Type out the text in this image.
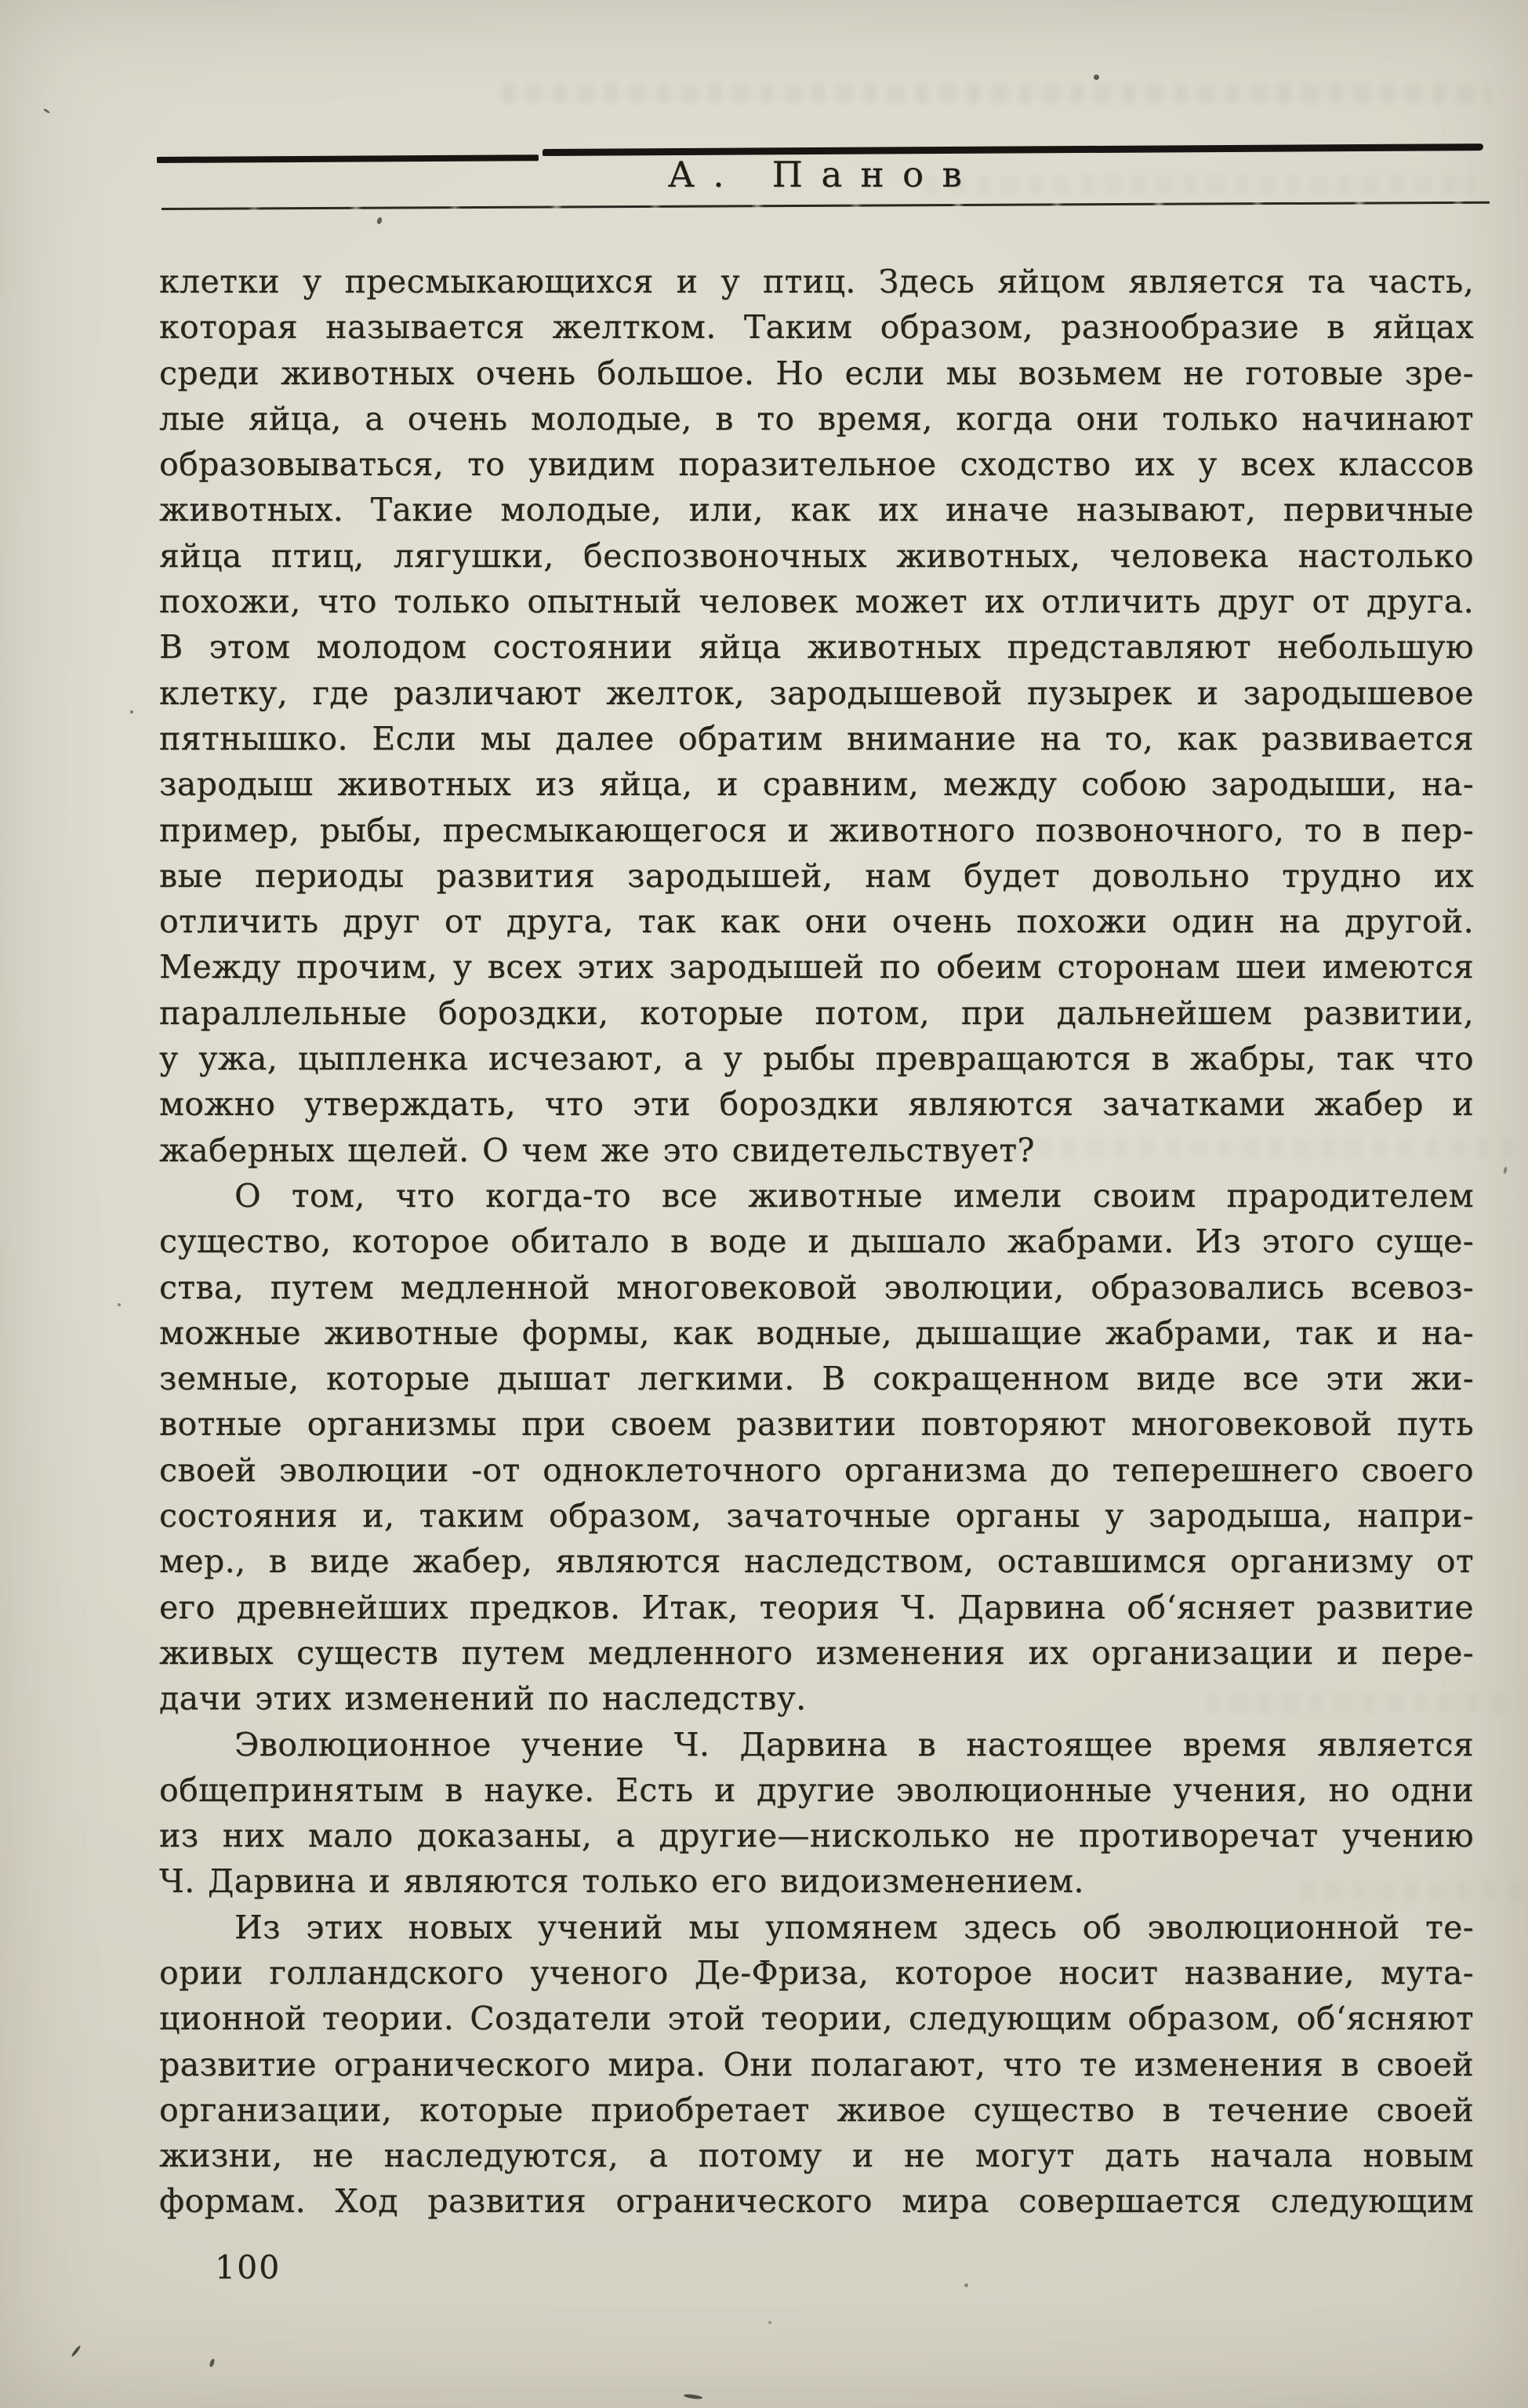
А. Панов
клетки у пресмыкающихся и у птиц. Здесь яйцом является та часть,
которая называется желтком. Таким образом, разнообразие в яйцах
среди животных очень большое. Но если мы возьмем не готовые зре-
лые яйца, а очень молодые, в то время, когда они только начинают
образовываться, то увидим поразительное сходство их у всех классов
животных. Такие молодые, или, как их иначе называют, первичные
яйца птиц, лягушки, беспозвоночных животных, человека настолько
похожи, что только опытный человек может их отличить друг от друга.
В этом молодом состоянии яйца животных представляют небольшую
клетку, где различают желток, зародышевой пузырек и зародышевое
пятнышко. Если мы далее обратим внимание на то, как развивается
зародыш животных из яйца, и сравним, между собою зародыши, на-
пример, рыбы, пресмыкающегося и животного позвоночного, то в пер-
вые периоды развития зародышей, нам будет довольно трудно их
отличить друг от друга, так как они очень похожи один на другой.
Между прочим, у всех этих зародышей по обеим сторонам шеи имеются
параллельные бороздки, которые потом, при дальнейшем развитии,
у ужа, цыпленка исчезают, а у рыбы превращаются в жабры, так что
можно утверждать, что эти бороздки являются зачатками жабер и
жаберных щелей. О чем же это свидетельствует?
О том, что когда-то все животные имели своим прародителем
существо, которое обитало в воде и дышало жабрами. Из этого суще-
ства, путем медленной многовековой эволюции, образовались всевоз-
можные животные формы, как водные, дышащие жабрами, так и на-
земные, которые дышат легкими. В сокращенном виде все эти жи-
вотные организмы при своем развитии повторяют многовековой путь
своей эволюции -от одноклеточного организма до теперешнего своего
состояния и, таким образом, зачаточные органы у зародыша, напри-
мер., в виде жабер, являются наследством, оставшимся организму от
его древнейших предков. Итак, теория Ч. Дарвина об‘ясняет развитие
живых существ путем медленного изменения их организации и пере-
дачи этих изменений по наследству.
Эволюционное учение Ч. Дарвина в настоящее время является
общепринятым в науке. Есть и другие эволюционные учения, но одни
из них мало доказаны, а другие—нисколько не противоречат учению
Ч. Дарвина и являются только его видоизменением.
Из этих новых учений мы упомянем здесь об эволюционной те-
ории голландского ученого Де-Фриза, которое носит название, мута-
ционной теории. Создатели этой теории, следующим образом, об‘ясняют
развитие огранического мира. Они полагают, что те изменения в своей
организации, которые приобретает живое существо в течение своей
жизни, не наследуются, а потому и не могут дать начала новым
формам. Ход развития огранического мира совершается следующим
100
